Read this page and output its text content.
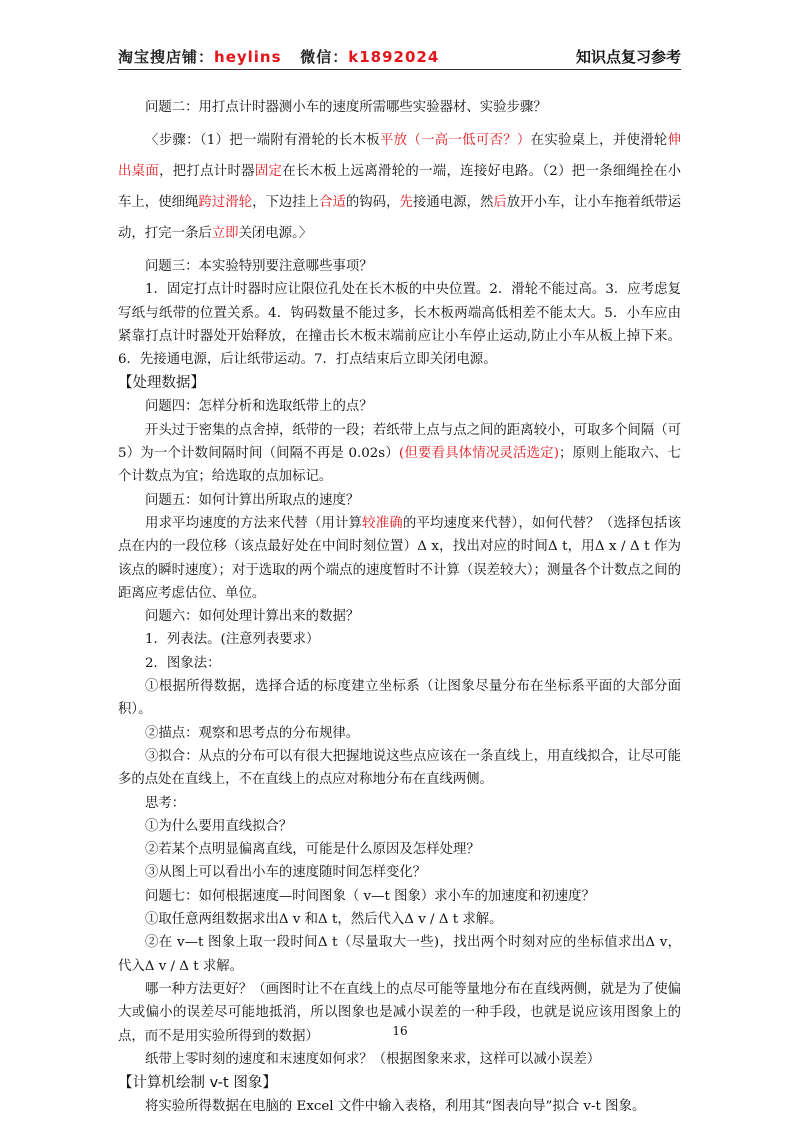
淘宝搜店铺：heylins 微信：k1892024	知识点复习参考

问题二：用打点计时器测小车的速度所需哪些实验器材、实验步骤？

〈步骤：（1）把一端附有滑轮的长木板平放（一高一低可否？）在实验桌上，并使滑轮伸出桌面，把打点计时器固定在长木板上远离滑轮的一端，连接好电路。（2）把一条细绳拴在小车上，使细绳跨过滑轮，下边挂上合适的钩码，先接通电源，然后放开小车，让小车拖着纸带运动，打完一条后立即关闭电源。〉

问题三：本实验特别要注意哪些事项？

1．固定打点计时器时应让限位孔处在长木板的中央位置。2．滑轮不能过高。3．应考虑复写纸与纸带的位置关系。4．钩码数量不能过多，长木板两端高低相差不能太大。5．小车应由紧靠打点计时器处开始释放，在撞击长木板末端前应让小车停止运动,防止小车从板上掉下来。6．先接通电源，后让纸带运动。7．打点结束后立即关闭电源。

【处理数据】

问题四：怎样分析和选取纸带上的点？

开头过于密集的点舍掉，纸带的一段；若纸带上点与点之间的距离较小，可取多个间隔（可 5）为一个计数间隔时间（间隔不再是 0.02s）(但要看具体情况灵活选定)；原则上能取六、七个计数点为宜；给选取的点加标记。

问题五：如何计算出所取点的速度？

用求平均速度的方法来代替（用计算较准确的平均速度来代替），如何代替？（选择包括该点在内的一段位移（该点最好处在中间时刻位置）Δ x，找出对应的时间Δ t，用Δ x / Δ t 作为该点的瞬时速度）；对于选取的两个端点的速度暂时不计算（误差较大）；测量各个计数点之间的距离应考虑估位、单位。

问题六：如何处理计算出来的数据？

1．列表法。(注意列表要求）

2．图象法：

①根据所得数据，选择合适的标度建立坐标系（让图象尽量分布在坐标系平面的大部分面积）。

②描点：观察和思考点的分布规律。

③拟合：从点的分布可以有很大把握地说这些点应该在一条直线上，用直线拟合，让尽可能多的点处在直线上，不在直线上的点应对称地分布在直线两侧。

思考：

①为什么要用直线拟合？

②若某个点明显偏离直线，可能是什么原因及怎样处理？

③从图上可以看出小车的速度随时间怎样变化？

问题七：如何根据速度—时间图象（ v—t 图象）求小车的加速度和初速度？

①取任意两组数据求出Δ v 和Δ t，然后代入Δ v / Δ t 求解。

②在 v—t 图象上取一段时间Δ t（尽量取大一些)，找出两个时刻对应的坐标值求出Δ v，代入Δ v / Δ t 求解。

哪一种方法更好？（画图时让不在直线上的点尽可能等量地分布在直线两侧，就是为了使偏大或偏小的误差尽可能地抵消，所以图象也是减小误差的一种手段，也就是说应该用图象上的点，而不是用实验所得到的数据）

纸带上零时刻的速度和末速度如何求？（根据图象来求，这样可以减小误差）

【计算机绘制 v-t 图象】

将实验所得数据在电脑的 Excel 文件中输入表格，利用其“图表向导”拟合 v-t 图象。

16
